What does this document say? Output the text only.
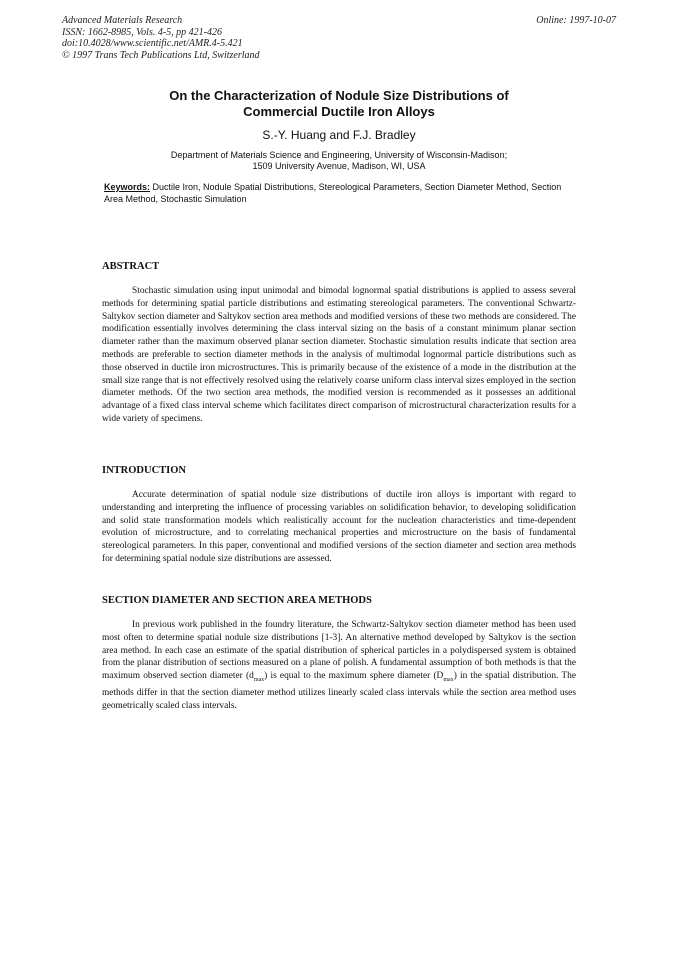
Advanced Materials Research
ISSN: 1662-8985, Vols. 4-5, pp 421-426
doi:10.4028/www.scientific.net/AMR.4-5.421
© 1997 Trans Tech Publications Ltd, Switzerland
Online: 1997-10-07
On the Characterization of Nodule Size Distributions of
Commercial Ductile Iron Alloys
S.-Y. Huang and F.J. Bradley
Department of Materials Science and Engineering, University of Wisconsin-Madison;
1509 University Avenue, Madison, WI, USA
Keywords: Ductile Iron, Nodule Spatial Distributions, Stereological Parameters, Section Diameter Method, Section Area Method, Stochastic Simulation

ABSTRACT

Stochastic simulation using input unimodal and bimodal lognormal spatial distributions is applied to assess several methods for determining spatial particle distributions and estimating stereological parameters. The conventional Schwartz-Saltykov section diameter and Saltykov section area methods and modified versions of these two methods are considered. The modification essentially involves determining the class interval sizing on the basis of a constant minimum planar section diameter rather than the maximum observed planar section diameter. Stochastic simulation results indicate that section area methods are preferable to section diameter methods in the analysis of multimodal lognormal particle distributions such as those observed in ductile iron microstructures. This is primarily because of the existence of a mode in the distribution at the small size range that is not effectively resolved using the relatively coarse uniform class interval sizes employed in the section diameter methods. Of the two section area methods, the modified version is recommended as it possesses an additional advantage of a fixed class interval scheme which facilitates direct comparison of microstructural characterization results for a wide variety of specimens.

INTRODUCTION

Accurate determination of spatial nodule size distributions of ductile iron alloys is important with regard to understanding and interpreting the influence of processing variables on solidification behavior, to developing solidification and solid state transformation models which realistically account for the nucleation characteristics and time-dependent evolution of microstructure, and to correlating mechanical properties and microstructure on the basis of fundamental stereological parameters. In this paper, conventional and modified versions of the section diameter and section area methods for determining spatial nodule size distributions are assessed.

SECTION DIAMETER AND SECTION AREA METHODS

In previous work published in the foundry literature, the Schwartz-Saltykov section diameter method has been used most often to determine spatial nodule size distributions [1-3]. An alternative method developed by Saltykov is the section area method. In each case an estimate of the spatial distribution of spherical particles in a polydispersed system is obtained from the planar distribution of sections measured on a plane of polish. A fundamental assumption of both methods is that the maximum observed section diameter $(d_{max})$ is equal to the maximum sphere diameter $(D_{max})$ in the spatial distribution. The methods differ in that the section diameter method utilizes linearly scaled class intervals while the section area method uses geometrically scaled class intervals.
